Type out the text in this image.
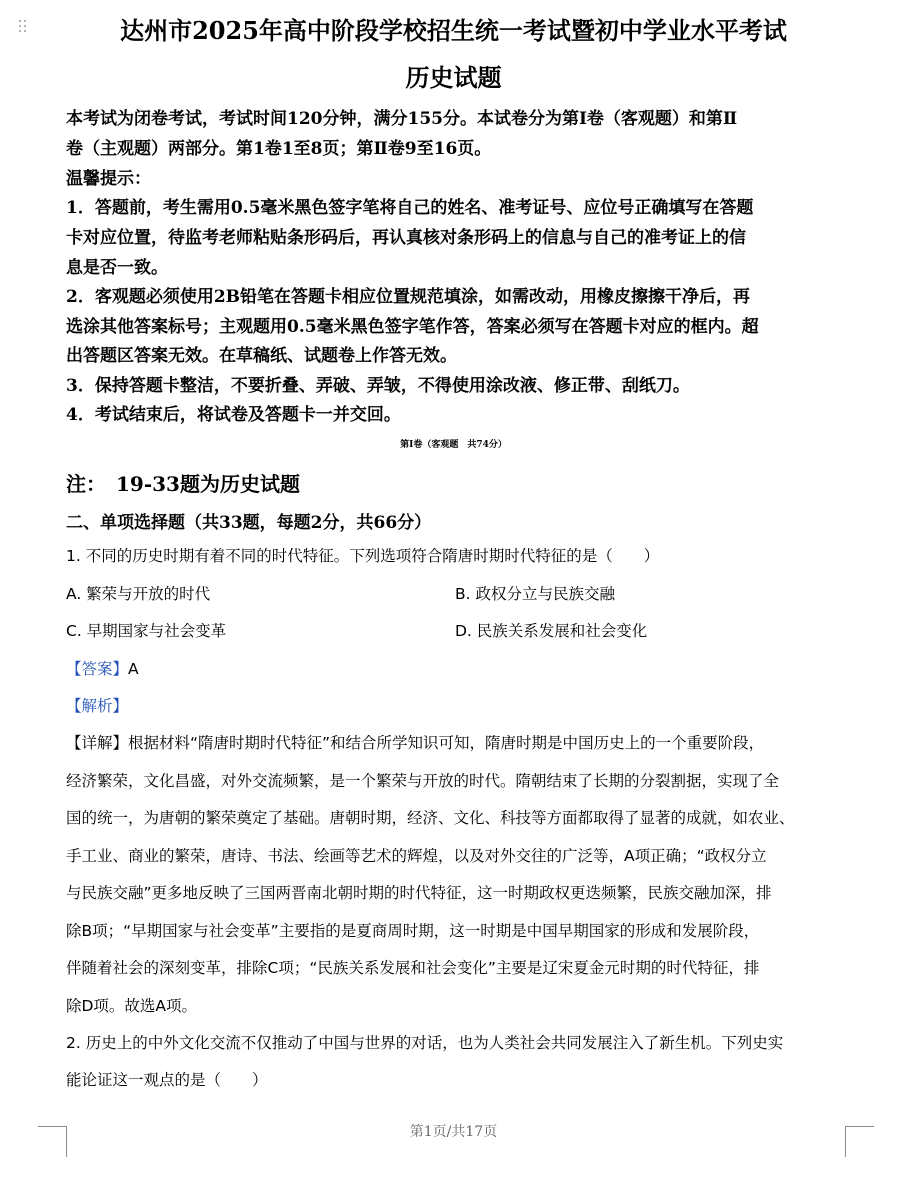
达州市2025年高中阶段学校招生统一考试暨初中学业水平考试
历史试题
本考试为闭卷考试，考试时间120分钟，满分155分。本试卷分为第Ⅰ卷（客观题）和第Ⅱ
卷（主观题）两部分。第1卷1至8页；第Ⅱ卷9至16页。
温馨提示：
1．答题前，考生需用0.5毫米黑色签字笔将自己的姓名、准考证号、应位号正确填写在答题
卡对应位置，待监考老师粘贴条形码后，再认真核对条形码上的信息与自己的准考证上的信
息是否一致。
2．客观题必须使用2B铅笔在答题卡相应位置规范填涂，如需改动，用橡皮擦擦干净后，再
选涂其他答案标号；主观题用0.5毫米黑色签字笔作答，答案必须写在答题卡对应的框内。超
出答题区答案无效。在草稿纸、试题卷上作答无效。
3．保持答题卡整洁，不要折叠、弄破、弄皱，不得使用涂改液、修正带、刮纸刀。
4．考试结束后，将试卷及答题卡一并交回。
第Ⅰ卷（客观题　共74分）
注：　19-33题为历史试题
二、单项选择题（共33题，每题2分，共66分）
1. 不同的历史时期有着不同的时代特征。下列选项符合隋唐时期时代特征的是（　　）
A. 繁荣与开放的时代	B. 政权分立与民族交融
C. 早期国家与社会变革	D. 民族关系发展和社会变化
【答案】A
【解析】
【详解】根据材料“隋唐时期时代特征”和结合所学知识可知，隋唐时期是中国历史上的一个重要阶段，
经济繁荣，文化昌盛，对外交流频繁，是一个繁荣与开放的时代。隋朝结束了长期的分裂割据，实现了全
国的统一，为唐朝的繁荣奠定了基础。唐朝时期，经济、文化、科技等方面都取得了显著的成就，如农业、
手工业、商业的繁荣，唐诗、书法、绘画等艺术的辉煌，以及对外交往的广泛等，A项正确；“政权分立
与民族交融”更多地反映了三国两晋南北朝时期的时代特征，这一时期政权更迭频繁，民族交融加深，排
除B项；“早期国家与社会变革”主要指的是夏商周时期，这一时期是中国早期国家的形成和发展阶段，
伴随着社会的深刻变革，排除C项；“民族关系发展和社会变化”主要是辽宋夏金元时期的时代特征，排
除D项。故选A项。
2. 历史上的中外文化交流不仅推动了中国与世界的对话，也为人类社会共同发展注入了新生机。下列史实
能论证这一观点的是（　　）
第1页/共17页
